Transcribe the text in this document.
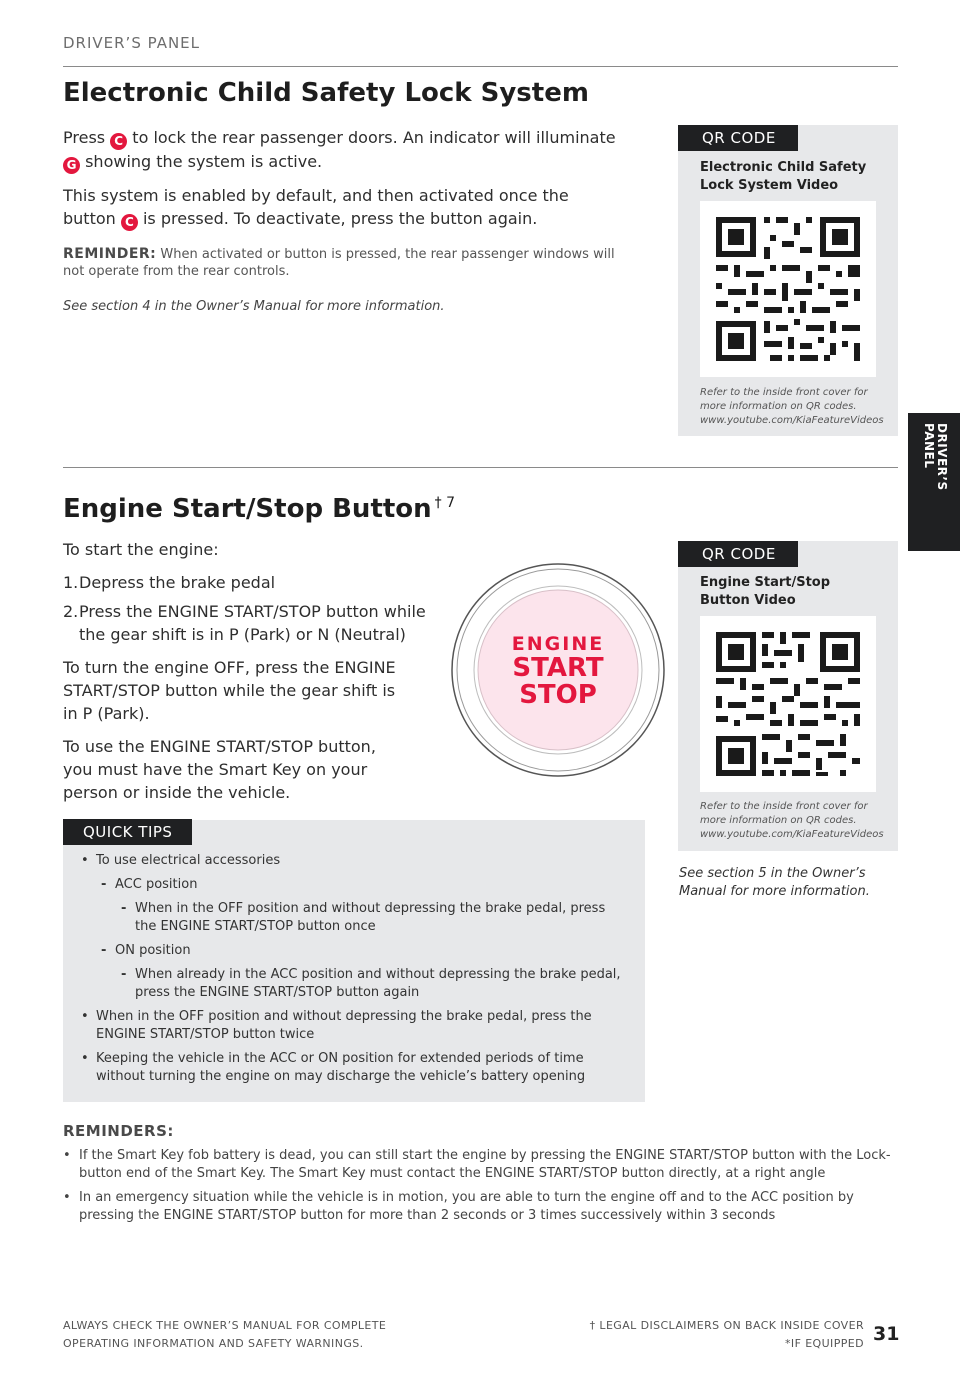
DRIVER’S PANEL
Electronic Child Safety Lock System

Press C to lock the rear passenger doors. An indicator will illuminate G showing the system is active.

This system is enabled by default, and then activated once the button C is pressed. To deactivate, press the button again.

REMINDER: When activated or button is pressed, the rear passenger windows will not operate from the rear controls.
See section 4 in the Owner’s Manual for more information.
QR CODE
Electronic Child Safety
Lock System Video
Refer to the inside front cover for
more information on QR codes.
www.youtube.com/KiaFeatureVideos
DRIVER’S
PANEL
Engine Start/Stop Button $^{\dagger 7}$

To start the engine:

1. Depress the brake pedal
2. Press the ENGINE START/STOP button while the gear shift is in P (Park) or N (Neutral)

To turn the engine OFF, press the ENGINE START/STOP button while the gear shift is in P (Park).

To use the ENGINE START/STOP button, you must have the Smart Key on your person or inside the vehicle.

ENGINE
START
STOP
QR CODE
Engine Start/Stop
Button Video
Refer to the inside front cover for
more information on QR codes.
www.youtube.com/KiaFeatureVideos
See section 5 in the Owner’s
Manual for more information.
QUICK TIPS
• To use electrical accessories
- ACC position
- When in the OFF position and without depressing the brake pedal, press the ENGINE START/STOP button once
- ON position
- When already in the ACC position and without depressing the brake pedal, press the ENGINE START/STOP button again
• When in the OFF position and without depressing the brake pedal, press the ENGINE START/STOP button twice
• Keeping the vehicle in the ACC or ON position for extended periods of time without turning the engine on may discharge the vehicle’s battery opening
REMINDERS:
• If the Smart Key fob battery is dead, you can still start the engine by pressing the ENGINE START/STOP button with the Lock-button end of the Smart Key. The Smart Key must contact the ENGINE START/STOP button directly, at a right angle
• In an emergency situation while the vehicle is in motion, you are able to turn the engine off and to the ACC position by pressing the ENGINE START/STOP button for more than 2 seconds or 3 times successively within 3 seconds
ALWAYS CHECK THE OWNER’S MANUAL FOR COMPLETE
OPERATING INFORMATION AND SAFETY WARNINGS.
† LEGAL DISCLAIMERS ON BACK INSIDE COVER
*IF EQUIPPED 31
